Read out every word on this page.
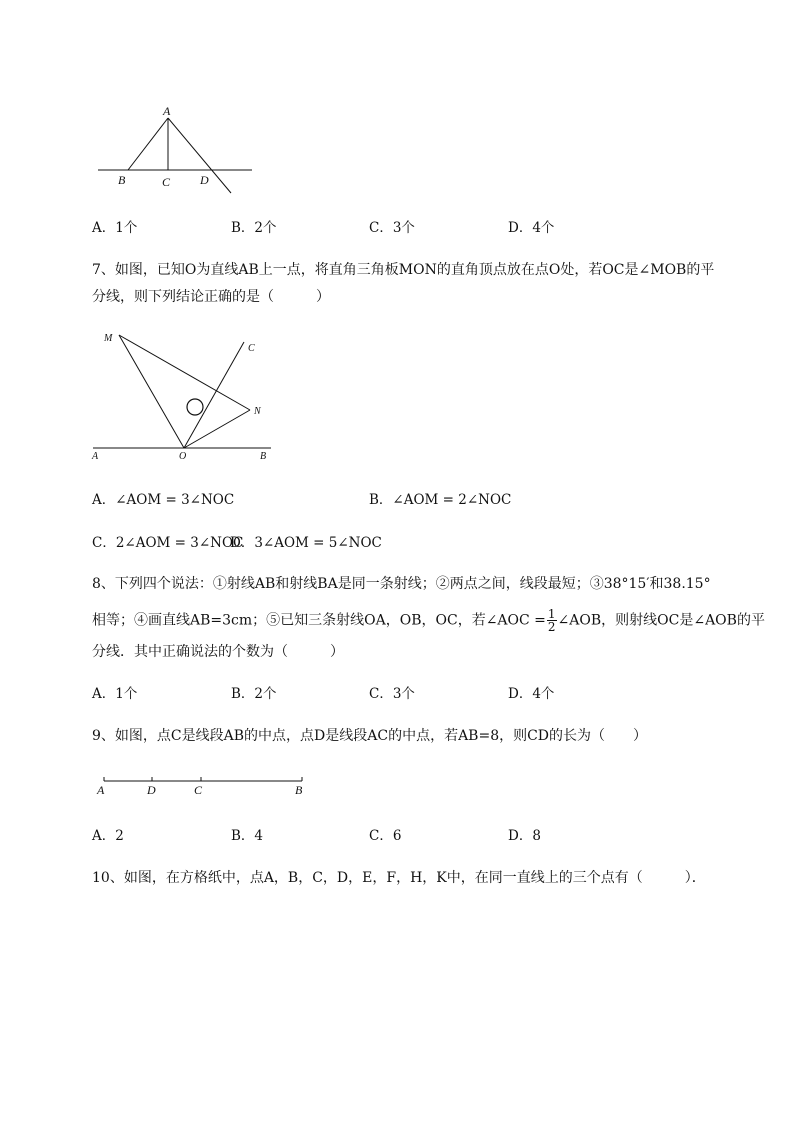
A
B	C D
A．1个	B．2个	C．3个	D．4个
7、如图，已知O为直线AB上一点，将直角三角板MON的直角顶点放在点O处，若OC是∠MOB的平
分线，则下列结论正确的是（　　　）
M
C
N
A	O	B
A．∠AOM = 3∠NOC	B．∠AOM = 2∠NOC
C．2∠AOM = 3∠NOC
D．3∠AOM = 5∠NOC
8、下列四个说法：①射线AB和射线BA是同一条射线；②两点之间，线段最短；③38°15′和38.15°
相等；④画直线AB=3cm；⑤已知三条射线OA，OB，OC，若∠AOC = $\frac{1}{2}$ ∠AOB，则射线OC是∠AOB的平
分线．其中正确说法的个数为（　　　）
A．1个	B．2个	C．3个	D．4个
9、如图，点C是线段AB的中点，点D是线段AC的中点，若AB=8，则CD的长为（　　）
A	D	C	B
A．2	B．4	C．6	D．8
10、如图，在方格纸中，点A，B，C，D，E，F，H，K中，在同一直线上的三个点有（　　　）．
